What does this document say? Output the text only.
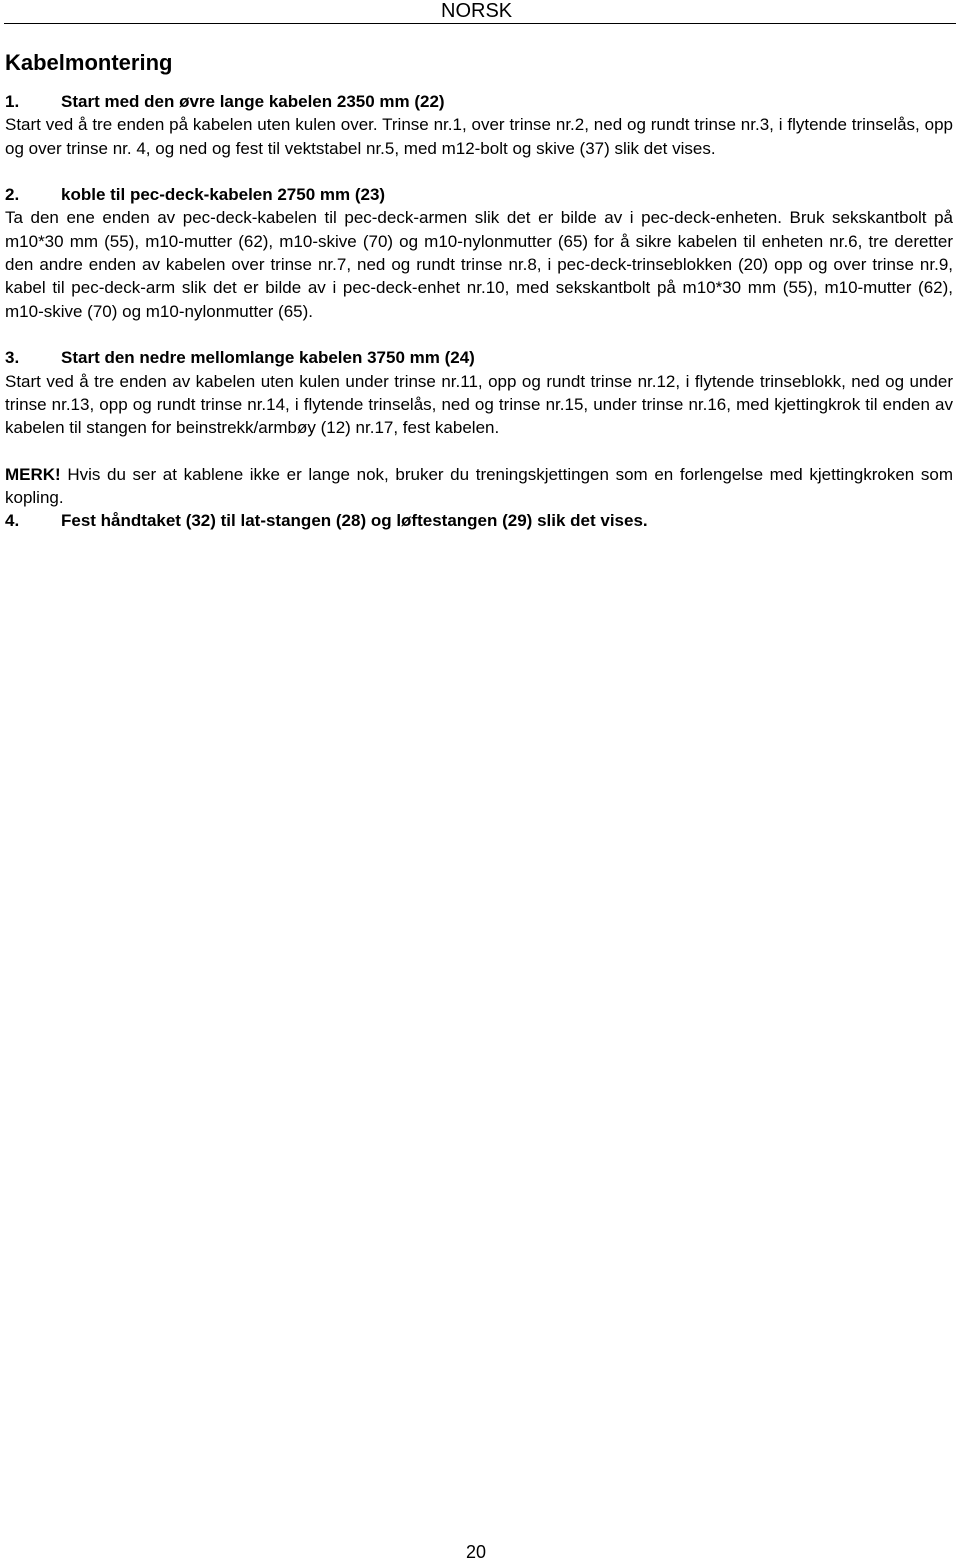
NORSK
Kabelmontering

1.	Start med den øvre lange kabelen 2350 mm (22)

Start ved å tre enden på kabelen uten kulen over. Trinse nr.1, over trinse nr.2, ned og rundt trinse nr.3, i flytende trinselås, opp og over trinse nr. 4, og ned og fest til vektstabel nr.5, med m12-bolt og skive (37) slik det vises.

2.	koble til pec-deck-kabelen 2750 mm (23)

Ta den ene enden av pec-deck-kabelen til pec-deck-armen slik det er bilde av i pec-deck-enheten. Bruk sekskantbolt på m10*30 mm (55), m10-mutter (62), m10-skive (70) og m10-nylonmutter (65) for å sikre kabelen til enheten nr.6, tre deretter den andre enden av kabelen over trinse nr.7, ned og rundt trinse nr.8, i pec-deck-trinseblokken (20) opp og over trinse nr.9, kabel til pec-deck-arm slik det er bilde av i pec-deck-enhet nr.10, med sekskantbolt på m10*30 mm (55), m10-mutter (62), m10-skive (70) og m10-nylonmutter (65).

3.	Start den nedre mellomlange kabelen 3750 mm (24)

Start ved å tre enden av kabelen uten kulen under trinse nr.11, opp og rundt trinse nr.12, i flytende trinseblokk, ned og under trinse nr.13, opp og rundt trinse nr.14, i flytende trinselås, ned og trinse nr.15, under trinse nr.16, med kjettingkrok til enden av kabelen til stangen for beinstrekk/armbøy (12) nr.17, fest kabelen.

MERK! Hvis du ser at kablene ikke er lange nok, bruker du treningskjettingen som en forlengelse med kjettingkroken som kopling.

4.	Fest håndtaket (32) til lat-stangen (28) og løftestangen (29) slik det vises.

20
